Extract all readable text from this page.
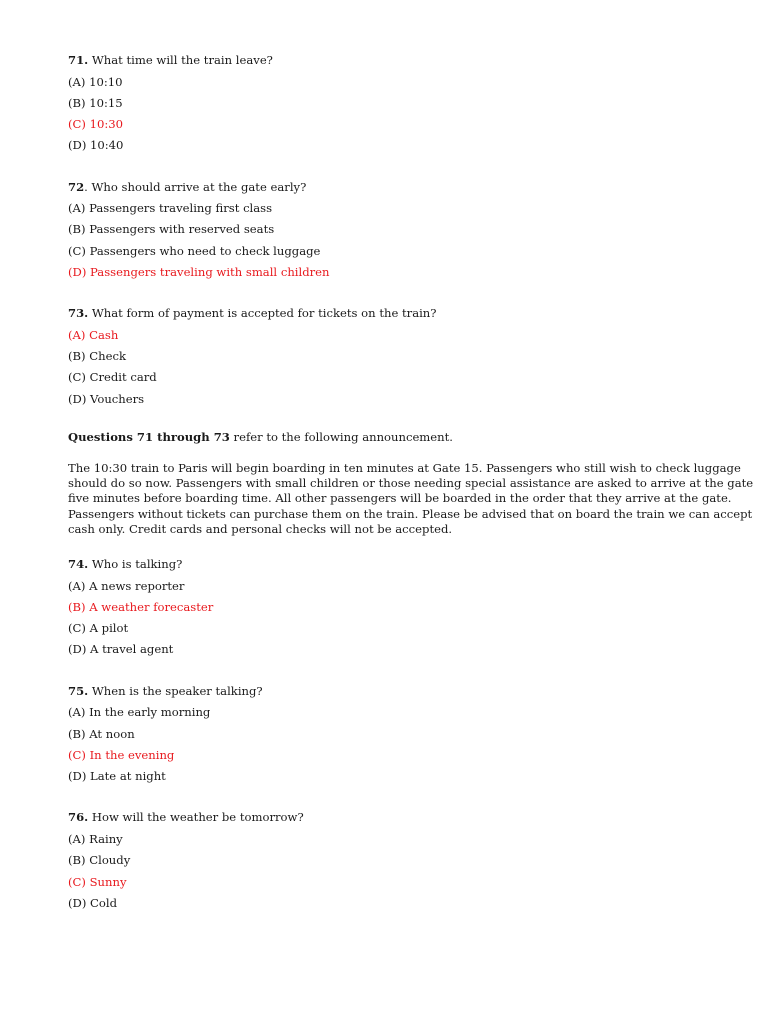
71. What time will the train leave?
(A) 10:10
(B) 10:15
(C) 10:30
(D) 10:40
72. Who should arrive at the gate early?
(A) Passengers traveling first class
(B) Passengers with reserved seats
(C) Passengers who need to check luggage
(D) Passengers traveling with small children
73. What form of payment is accepted for tickets on the train?
(A) Cash
(B) Check
(C) Credit card
(D) Vouchers
Questions 71 through 73 refer to the following announcement.
The 10:30 train to Paris will begin boarding in ten minutes at Gate 15. Passengers who still wish to check luggage
should do so now. Passengers with small children or those needing special assistance are asked to arrive at the gate
five minutes before boarding time. All other passengers will be boarded in the order that they arrive at the gate.
Passengers without tickets can purchase them on the train. Please be advised that on board the train we can accept
cash only. Credit cards and personal checks will not be accepted.
74. Who is talking?
(A) A news reporter
(B) A weather forecaster
(C) A pilot
(D) A travel agent
75. When is the speaker talking?
(A) In the early morning
(B) At noon
(C) In the evening
(D) Late at night
76. How will the weather be tomorrow?
(A) Rainy
(B) Cloudy
(C) Sunny
(D) Cold
